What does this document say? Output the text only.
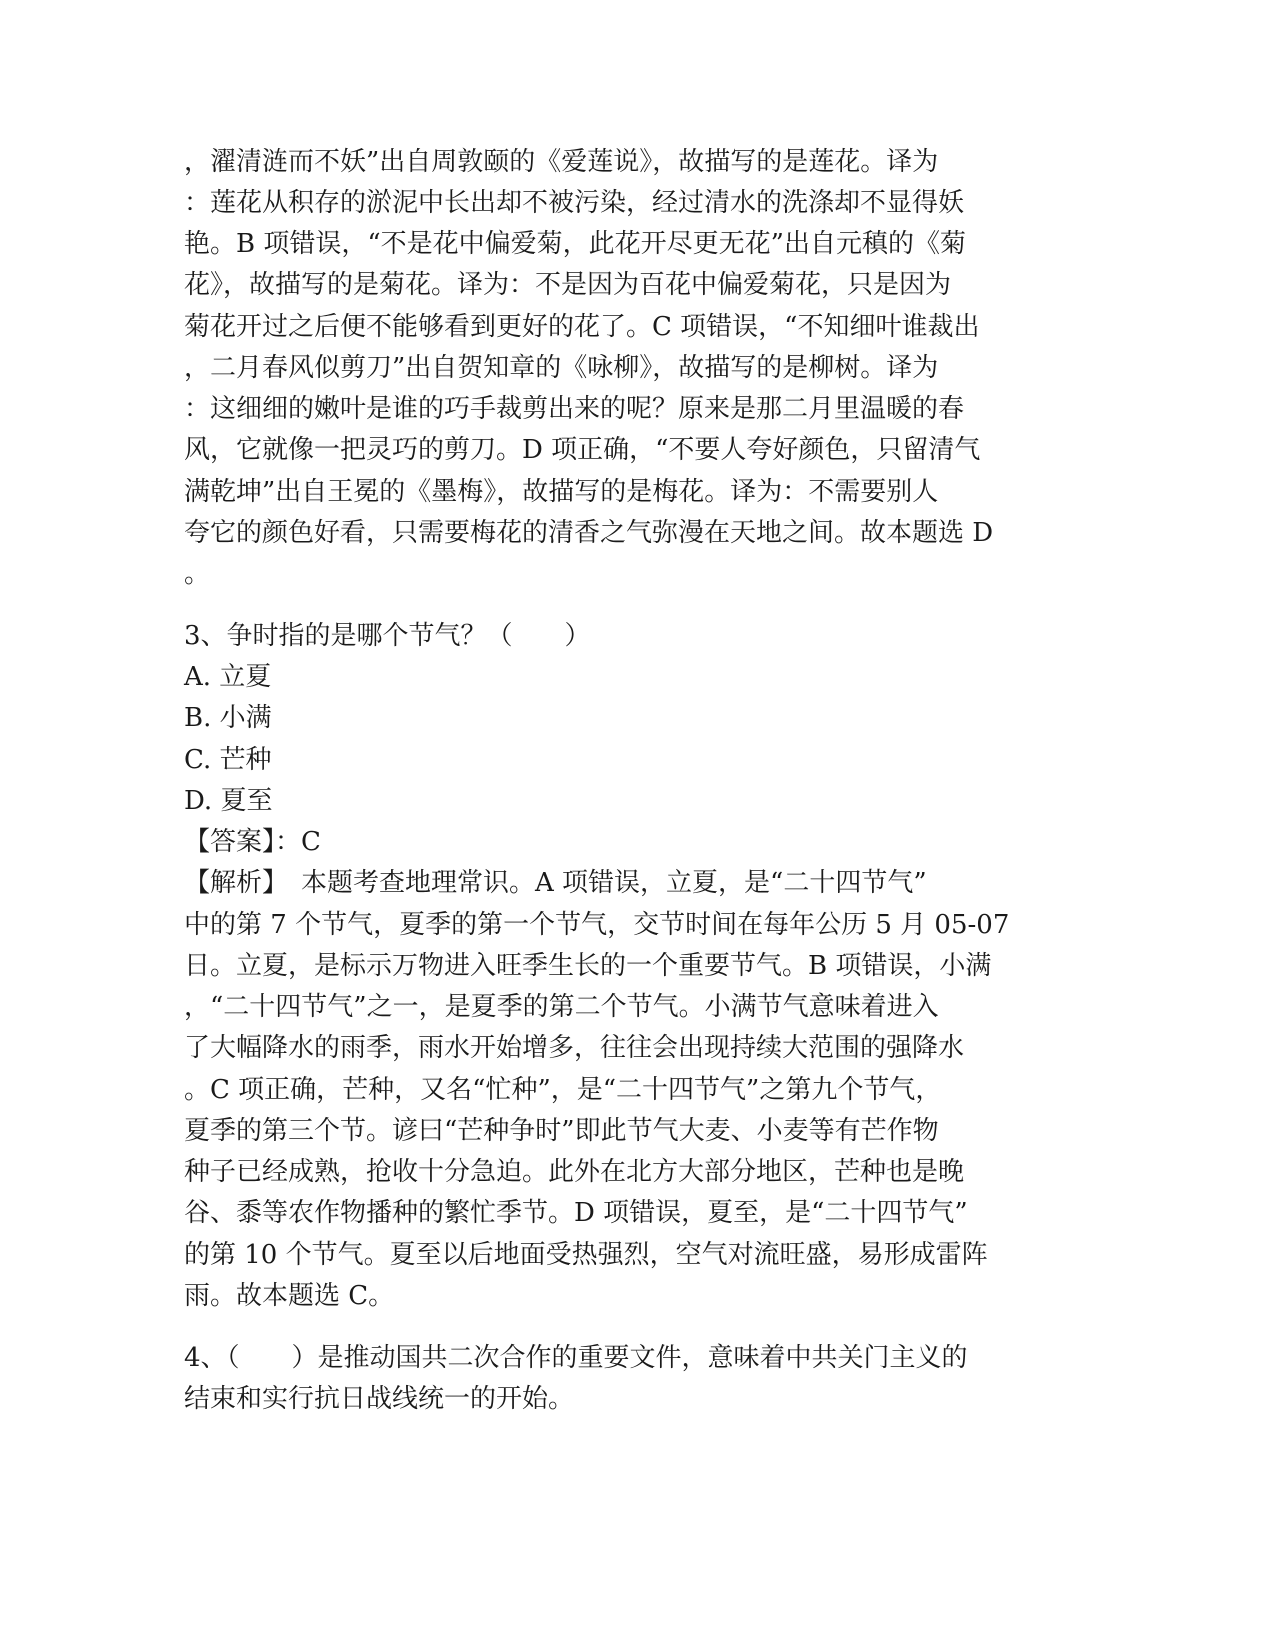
，濯清涟而不妖”出自周敦颐的《爱莲说》，故描写的是莲花。译为

：莲花从积存的淤泥中长出却不被污染，经过清水的洗涤却不显得妖

艳。B 项错误，“不是花中偏爱菊，此花开尽更无花”出自元稹的《菊

花》，故描写的是菊花。译为：不是因为百花中偏爱菊花，只是因为

菊花开过之后便不能够看到更好的花了。C 项错误，“不知细叶谁裁出

，二月春风似剪刀”出自贺知章的《咏柳》，故描写的是柳树。译为

：这细细的嫩叶是谁的巧手裁剪出来的呢？原来是那二月里温暖的春

风，它就像一把灵巧的剪刀。D 项正确，“不要人夸好颜色，只留清气

满乾坤”出自王冕的《墨梅》，故描写的是梅花。译为：不需要别人

夸它的颜色好看，只需要梅花的清香之气弥漫在天地之间。故本题选 D

。

3、争时指的是哪个节气？（　　）

A. 立夏

B. 小满

C. 芒种

D. 夏至

【答案】：C

【解析】　本题考查地理常识。A 项错误，立夏，是“二十四节气”

中的第 7 个节气，夏季的第一个节气，交节时间在每年公历 5 月 05-07

日。立夏，是标示万物进入旺季生长的一个重要节气。B 项错误，小满

，“二十四节气”之一，是夏季的第二个节气。小满节气意味着进入

了大幅降水的雨季，雨水开始增多，往往会出现持续大范围的强降水

。C 项正确，芒种，又名“忙种”，是“二十四节气”之第九个节气，

夏季的第三个节。谚曰“芒种争时”即此节气大麦、小麦等有芒作物

种子已经成熟，抢收十分急迫。此外在北方大部分地区，芒种也是晚

谷、黍等农作物播种的繁忙季节。D 项错误，夏至，是“二十四节气”

的第 10 个节气。夏至以后地面受热强烈，空气对流旺盛，易形成雷阵

雨。故本题选 C。

4、（　　）是推动国共二次合作的重要文件，意味着中共关门主义的

结束和实行抗日战线统一的开始。
